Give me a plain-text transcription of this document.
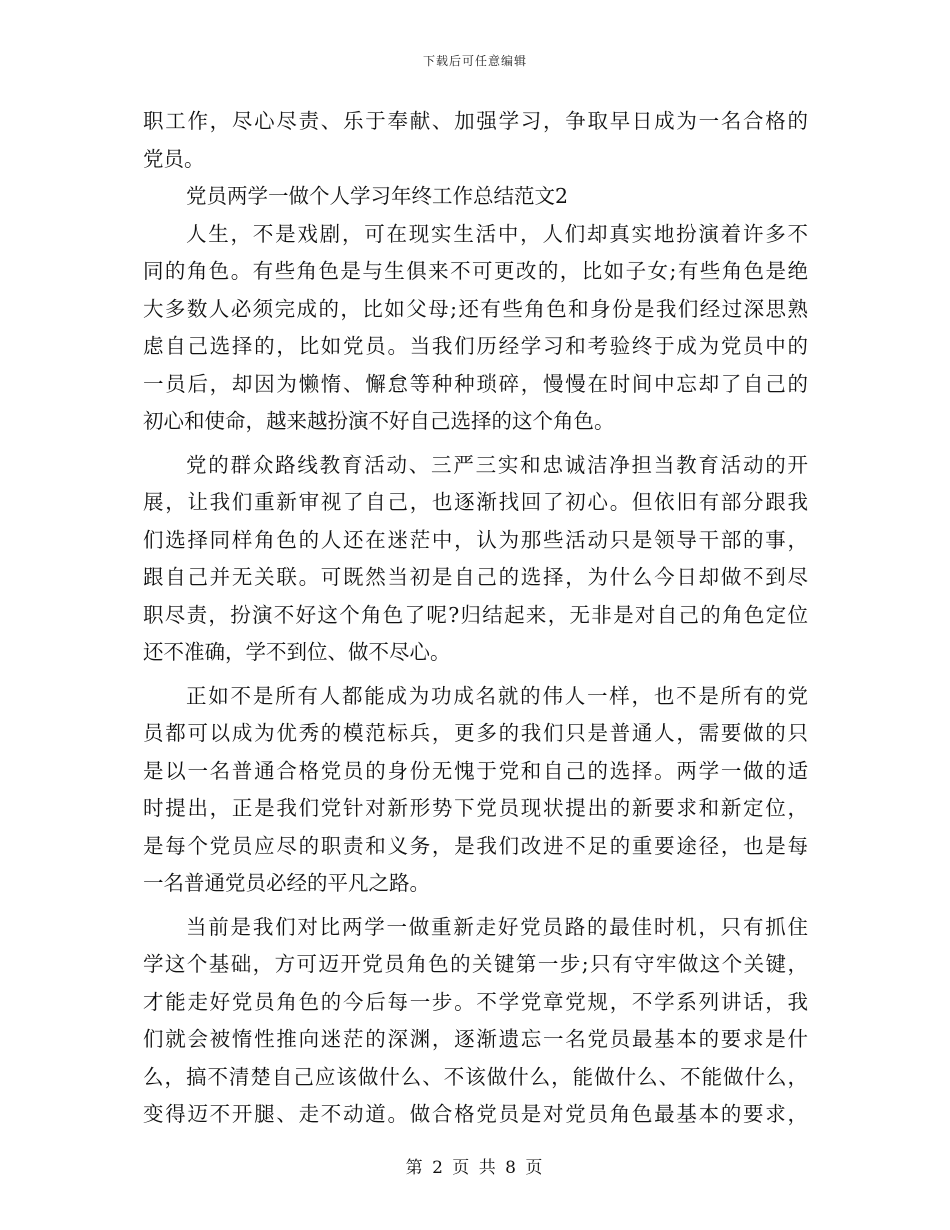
下载后可任意编辑
职工作，尽心尽责、乐于奉献、加强学习，争取早日成为一名合格的
党员。
党员两学一做个人学习年终工作总结范文2
人生，不是戏剧，可在现实生活中，人们却真实地扮演着许多不
同的角色。有些角色是与生俱来不可更改的，比如子女;有些角色是绝
大多数人必须完成的，比如父母;还有些角色和身份是我们经过深思熟
虑自己选择的，比如党员。当我们历经学习和考验终于成为党员中的
一员后，却因为懒惰、懈怠等种种琐碎，慢慢在时间中忘却了自己的
初心和使命，越来越扮演不好自己选择的这个角色。
党的群众路线教育活动、三严三实和忠诚洁净担当教育活动的开
展，让我们重新审视了自己，也逐渐找回了初心。但依旧有部分跟我
们选择同样角色的人还在迷茫中，认为那些活动只是领导干部的事，
跟自己并无关联。可既然当初是自己的选择，为什么今日却做不到尽
职尽责，扮演不好这个角色了呢?归结起来，无非是对自己的角色定位
还不准确，学不到位、做不尽心。
正如不是所有人都能成为功成名就的伟人一样，也不是所有的党
员都可以成为优秀的模范标兵，更多的我们只是普通人，需要做的只
是以一名普通合格党员的身份无愧于党和自己的选择。两学一做的适
时提出，正是我们党针对新形势下党员现状提出的新要求和新定位，
是每个党员应尽的职责和义务，是我们改进不足的重要途径，也是每
一名普通党员必经的平凡之路。
当前是我们对比两学一做重新走好党员路的最佳时机，只有抓住
学这个基础，方可迈开党员角色的关键第一步;只有守牢做这个关键，
才能走好党员角色的今后每一步。不学党章党规，不学系列讲话，我
们就会被惰性推向迷茫的深渊，逐渐遗忘一名党员最基本的要求是什
么，搞不清楚自己应该做什么、不该做什么，能做什么、不能做什么，
变得迈不开腿、走不动道。做合格党员是对党员角色最基本的要求，
第 2 页 共 8 页
